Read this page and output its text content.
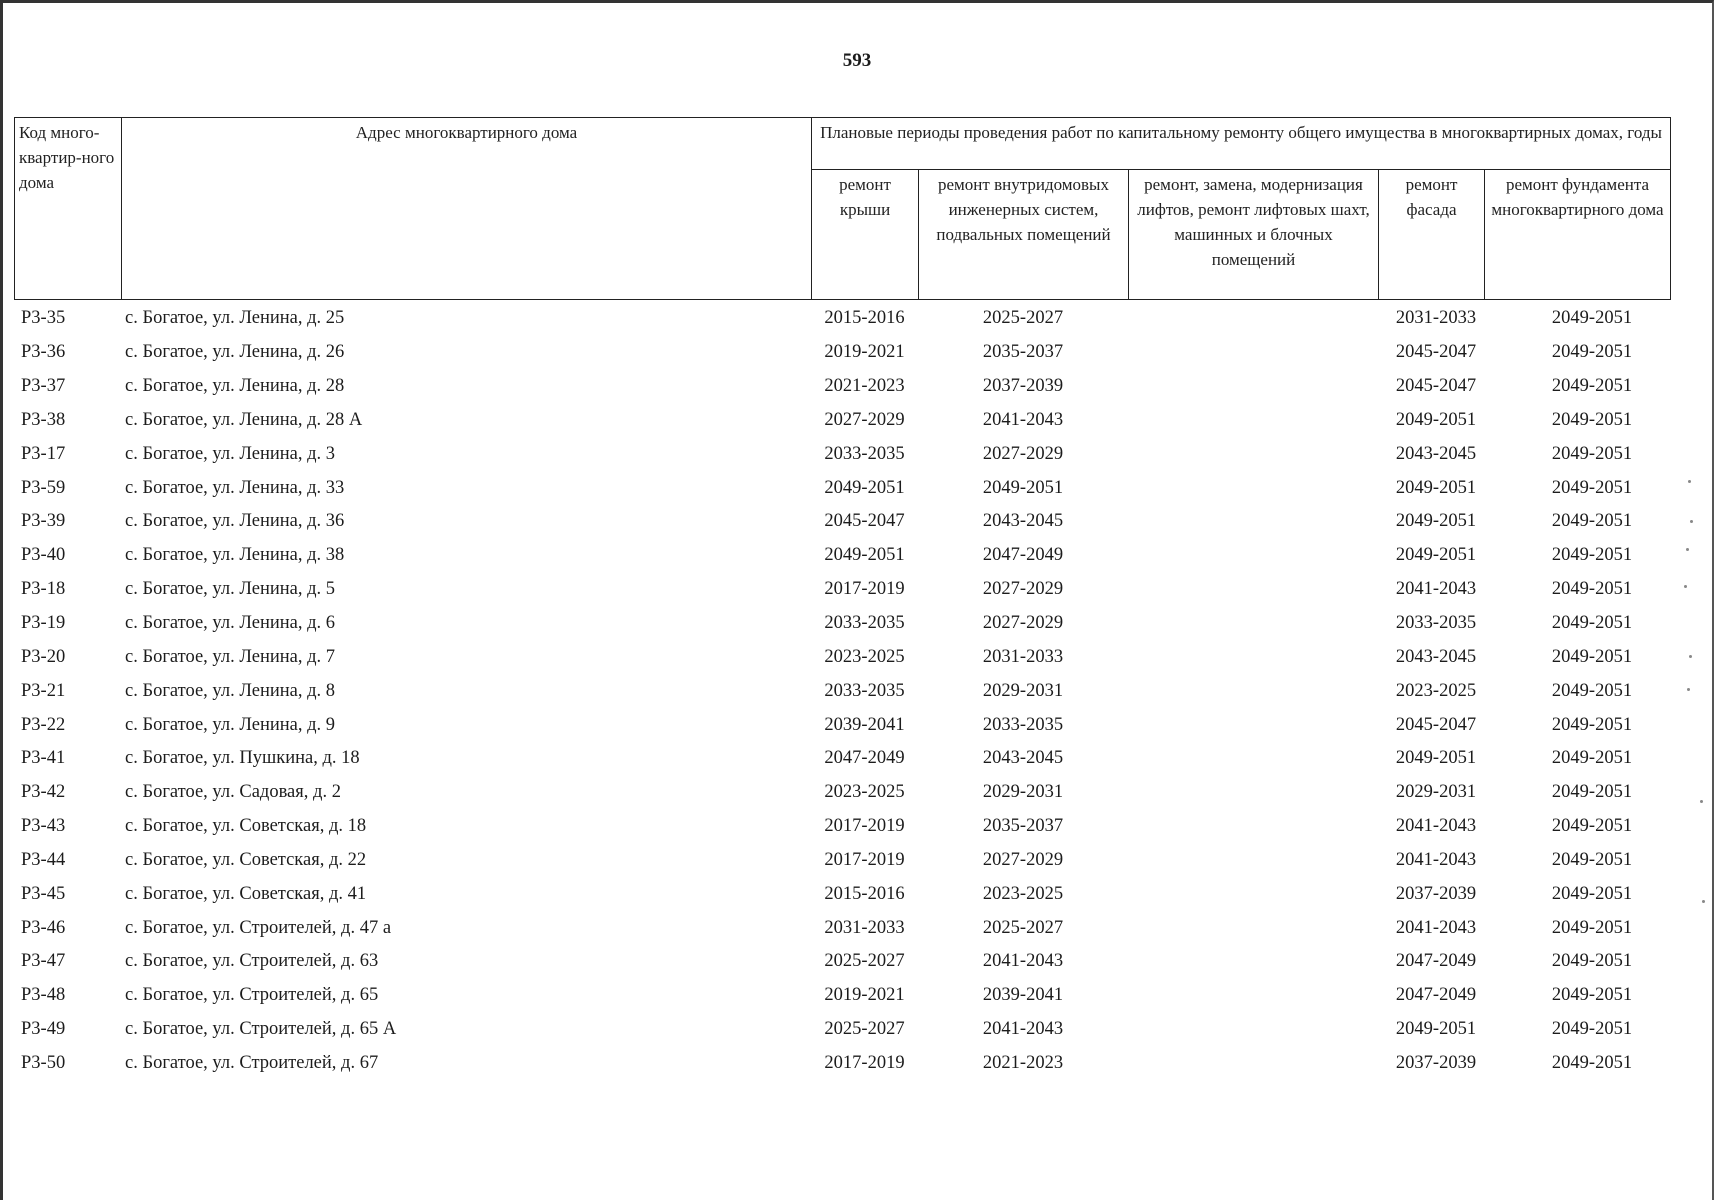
593
Код много-квартир-ного дома	Адрес многоквартирного дома	Плановые периоды проведения работ по капитальному ремонту общего имущества в многоквартирных домах, годы				
		ремонт крыши	ремонт внутридомовых инженерных систем, подвальных помещений	ремонт, замена, модернизация лифтов, ремонт лифтовых шахт, машинных и блочных помещений	ремонт фасада	ремонт фундамента многоквартирного дома
Р3-35	с. Богатое, ул. Ленина, д. 25	2015-2016	2025-2027		2031-2033	2049-2051
Р3-36	с. Богатое, ул. Ленина, д. 26	2019-2021	2035-2037		2045-2047	2049-2051
Р3-37	с. Богатое, ул. Ленина, д. 28	2021-2023	2037-2039		2045-2047	2049-2051
Р3-38	с. Богатое, ул. Ленина, д. 28 А	2027-2029	2041-2043		2049-2051	2049-2051
Р3-17	с. Богатое, ул. Ленина, д. 3	2033-2035	2027-2029		2043-2045	2049-2051
Р3-59	с. Богатое, ул. Ленина, д. 33	2049-2051	2049-2051		2049-2051	2049-2051
Р3-39	с. Богатое, ул. Ленина, д. 36	2045-2047	2043-2045		2049-2051	2049-2051
Р3-40	с. Богатое, ул. Ленина, д. 38	2049-2051	2047-2049		2049-2051	2049-2051
Р3-18	с. Богатое, ул. Ленина, д. 5	2017-2019	2027-2029		2041-2043	2049-2051
Р3-19	с. Богатое, ул. Ленина, д. 6	2033-2035	2027-2029		2033-2035	2049-2051
Р3-20	с. Богатое, ул. Ленина, д. 7	2023-2025	2031-2033		2043-2045	2049-2051
Р3-21	с. Богатое, ул. Ленина, д. 8	2033-2035	2029-2031		2023-2025	2049-2051
Р3-22	с. Богатое, ул. Ленина, д. 9	2039-2041	2033-2035		2045-2047	2049-2051
Р3-41	с. Богатое, ул. Пушкина, д. 18	2047-2049	2043-2045		2049-2051	2049-2051
Р3-42	с. Богатое, ул. Садовая, д. 2	2023-2025	2029-2031		2029-2031	2049-2051
Р3-43	с. Богатое, ул. Советская, д. 18	2017-2019	2035-2037		2041-2043	2049-2051
Р3-44	с. Богатое, ул. Советская, д. 22	2017-2019	2027-2029		2041-2043	2049-2051
Р3-45	с. Богатое, ул. Советская, д. 41	2015-2016	2023-2025		2037-2039	2049-2051
Р3-46	с. Богатое, ул. Строителей, д. 47 а	2031-2033	2025-2027		2041-2043	2049-2051
Р3-47	с. Богатое, ул. Строителей, д. 63	2025-2027	2041-2043		2047-2049	2049-2051
Р3-48	с. Богатое, ул. Строителей, д. 65	2019-2021	2039-2041		2047-2049	2049-2051
Р3-49	с. Богатое, ул. Строителей, д. 65 А	2025-2027	2041-2043		2049-2051	2049-2051
Р3-50	с. Богатое, ул. Строителей, д. 67	2017-2019	2021-2023		2037-2039	2049-2051
